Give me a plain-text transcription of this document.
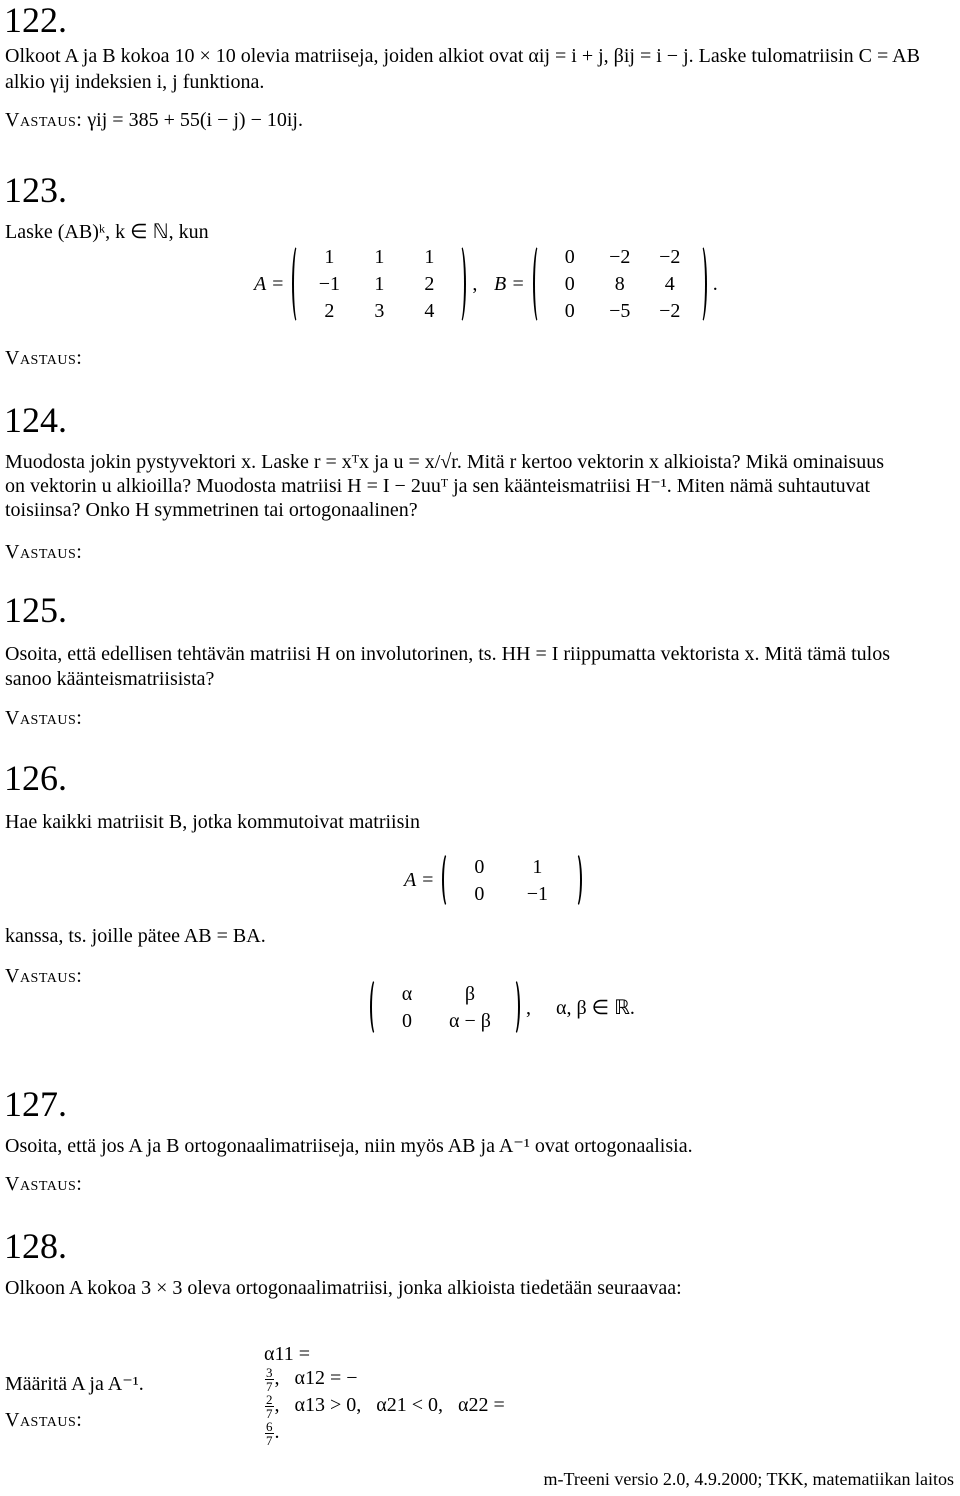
122.
Olkoot A ja B kokoa 10 × 10 olevia matriiseja, joiden alkiot ovat αij = i + j, βij = i − j. Laske tulomatriisin C = AB
alkio γij indeksien i, j funktiona.
Vastaus: γij = 385 + 55(i − j) − 10ij.
123.
Laske (AB)ᵏ, k ∈ ℕ, kun
A =
1	1	1
−1	1	2
2	3	4
, B =
0	−2	−2
0	8	4
0	−5	−2
.
Vastaus:
124.
Muodosta jokin pystyvektori x. Laske r = xᵀx ja u = x/√r. Mitä r kertoo vektorin x alkioista? Mikä ominaisuus
on vektorin u alkioilla? Muodosta matriisi H = I − 2uuᵀ ja sen käänteismatriisi H⁻¹. Miten nämä suhtautuvat
toisiinsa? Onko H symmetrinen tai ortogonaalinen?
Vastaus:
125.
Osoita, että edellisen tehtävän matriisi H on involutorinen, ts. HH = I riippumatta vektorista x. Mitä tämä tulos
sanoo käänteismatriisista?
Vastaus:
126.
Hae kaikki matriisit B, jotka kommutoivat matriisin
A =
0	1
0	−1
kanssa, ts. joille pätee AB = BA.
Vastaus:
α	β
0	α − β
,     α, β ∈ ℝ.
127.
Osoita, että jos A ja B ortogonaalimatriiseja, niin myös AB ja A⁻¹ ovat ortogonaalisia.
Vastaus:
128.
Olkoon A kokoa 3 × 3 oleva ortogonaalimatriisi, jonka alkioista tiedetään seuraavaa:

α11 =

$\frac{3}{7}$ ,   α12 = −

$\frac{2}{7}$ ,   α13 > 0,   α21 < 0,   α22 =

$\frac{6}{7}$ .

Määritä A ja A⁻¹.
Vastaus:
m-Treeni versio 2.0, 4.9.2000; TKK, matematiikan laitos
